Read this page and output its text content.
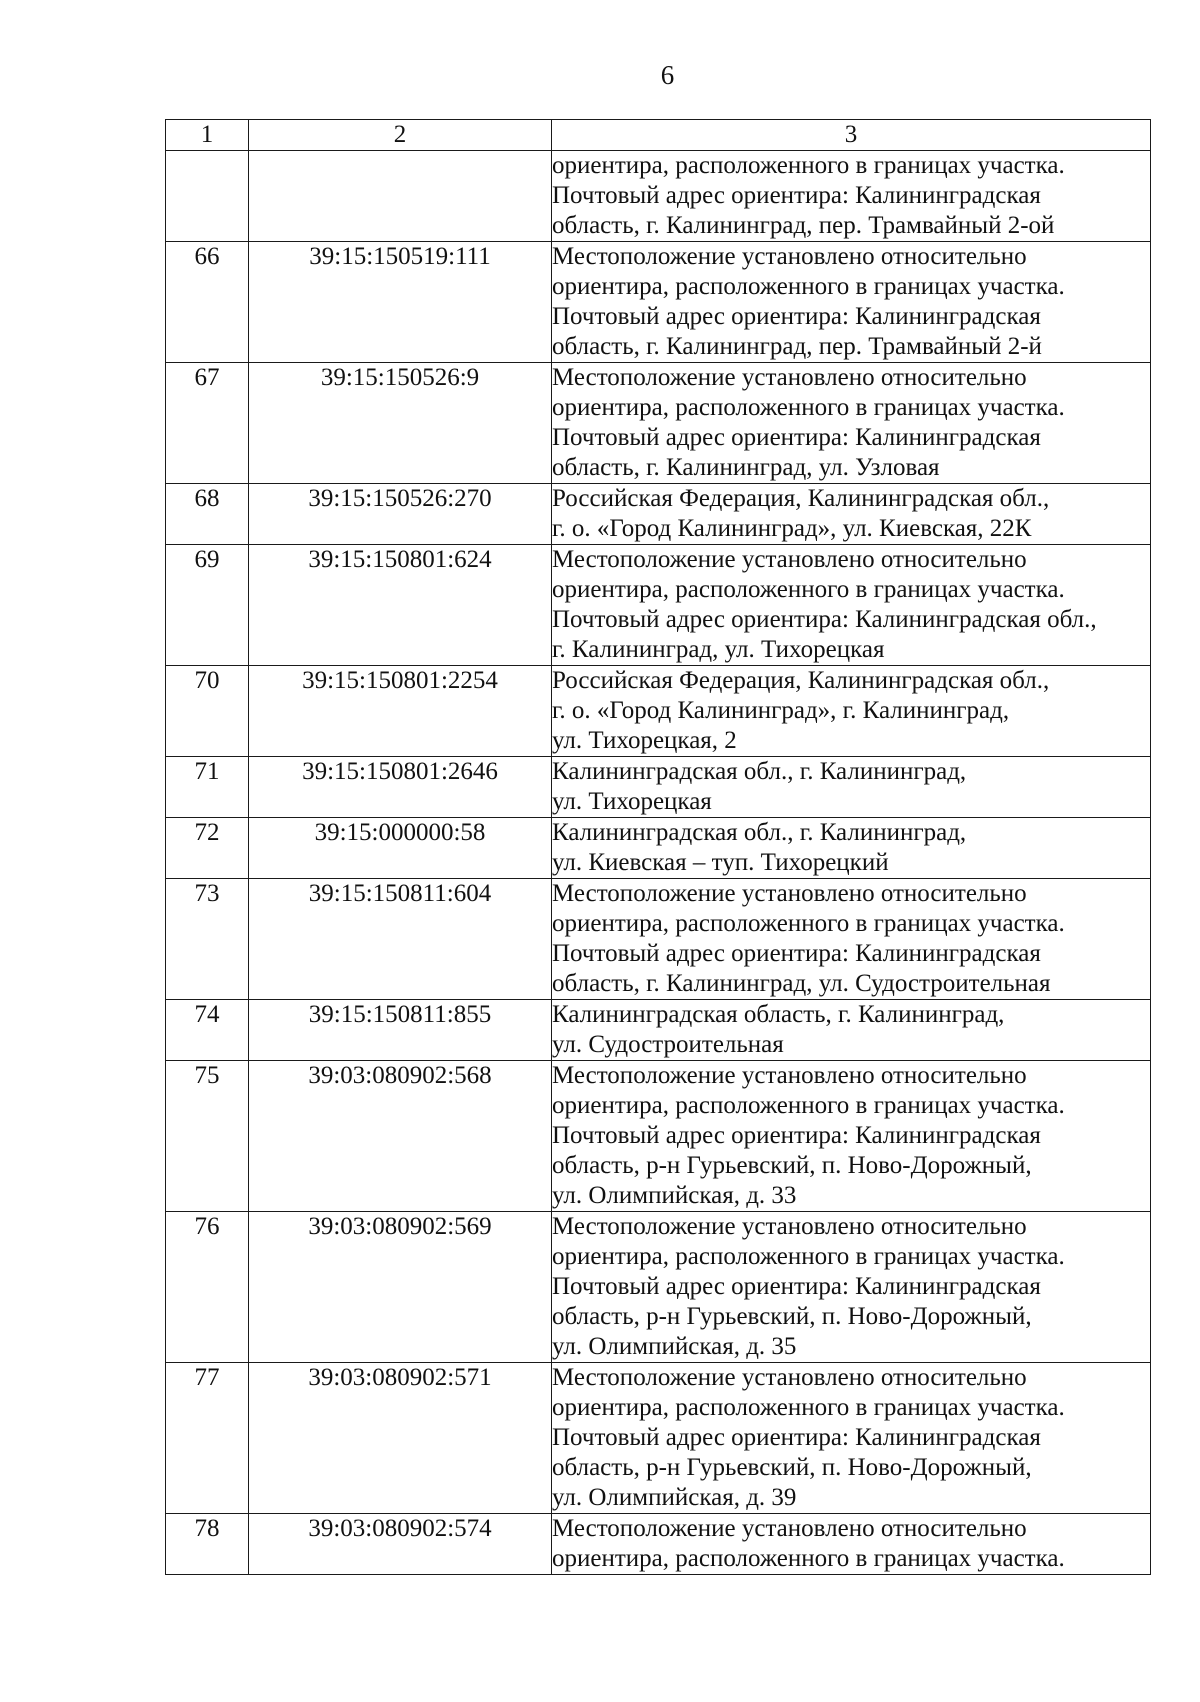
6
1	2	3

		ориентира, расположенного в границах участка.
Почтовый адрес ориентира: Калининградская
область, г. Калининград, пер. Трамвайный 2-ой

66	39:15:150519:111	Местоположение установлено относительно
ориентира, расположенного в границах участка.
Почтовый адрес ориентира: Калининградская
область, г. Калининград, пер. Трамвайный 2-й

67	39:15:150526:9	Местоположение установлено относительно
ориентира, расположенного в границах участка.
Почтовый адрес ориентира: Калининградская
область, г. Калининград, ул. Узловая

68	39:15:150526:270	Российская Федерация, Калининградская обл.,
г. о. «Город Калининград», ул. Киевская, 22К

69	39:15:150801:624	Местоположение установлено относительно
ориентира, расположенного в границах участка.
Почтовый адрес ориентира: Калининградская обл.,
г. Калининград, ул. Тихорецкая

70	39:15:150801:2254	Российская Федерация, Калининградская обл.,
г. о. «Город Калининград», г. Калининград,
ул. Тихорецкая, 2

71	39:15:150801:2646	Калининградская обл., г. Калининград,
ул. Тихорецкая

72	39:15:000000:58	Калининградская обл., г. Калининград,
ул. Киевская – туп. Тихорецкий

73	39:15:150811:604	Местоположение установлено относительно
ориентира, расположенного в границах участка.
Почтовый адрес ориентира: Калининградская
область, г. Калининград, ул. Судостроительная

74	39:15:150811:855	Калининградская область, г. Калининград,
ул. Судостроительная

75	39:03:080902:568	Местоположение установлено относительно
ориентира, расположенного в границах участка.
Почтовый адрес ориентира: Калининградская
область, р-н Гурьевский, п. Ново-Дорожный,
ул. Олимпийская, д. 33

76	39:03:080902:569	Местоположение установлено относительно
ориентира, расположенного в границах участка.
Почтовый адрес ориентира: Калининградская
область, р-н Гурьевский, п. Ново-Дорожный,
ул. Олимпийская, д. 35

77	39:03:080902:571	Местоположение установлено относительно
ориентира, расположенного в границах участка.
Почтовый адрес ориентира: Калининградская
область, р-н Гурьевский, п. Ново-Дорожный,
ул. Олимпийская, д. 39

78	39:03:080902:574	Местоположение установлено относительно
ориентира, расположенного в границах участка.
